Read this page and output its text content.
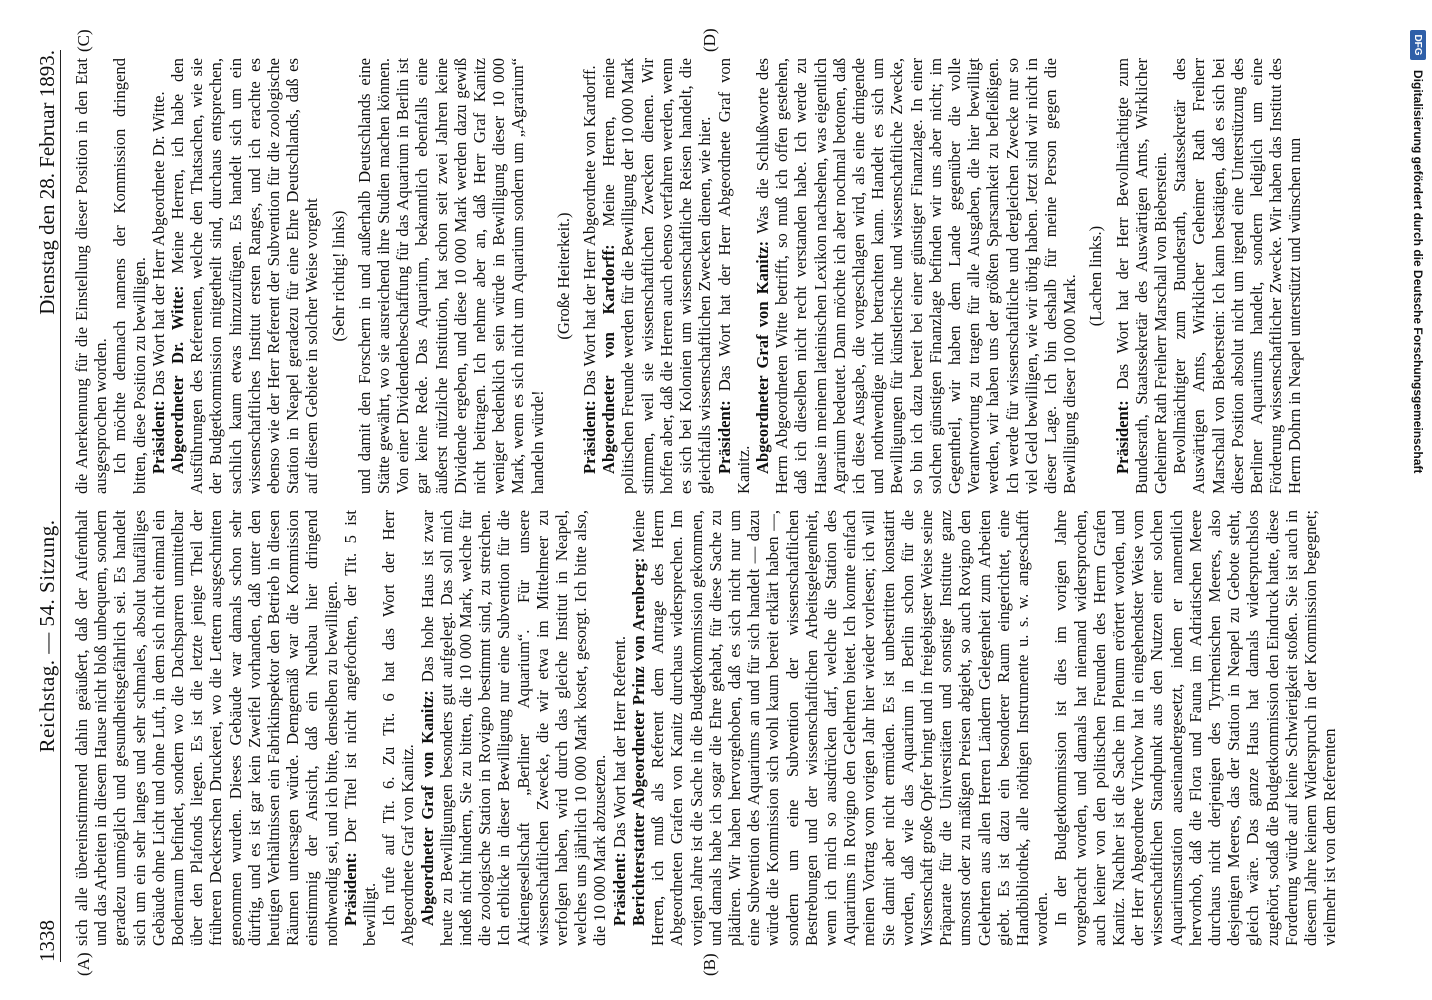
1338
Reichstag. — 54. Sitzung.
Dienstag den 28. Februar 1893.
(A)	(B)
(C)	(D)

sich alle übereinstimmend dahin geäußert, daß der Aufenthalt und das Arbeiten in diesem Hause nicht bloß unbequem, sondern geradezu unmöglich und gesundheitsgefährlich sei. Es handelt sich um ein sehr langes und sehr schmales, absolut baufälliges Gebäude ohne Licht und ohne Luft, in dem sich nicht einmal ein Bodenraum befindet, sondern wo die Dachsparren unmittelbar über den Plafonds liegen. Es ist die letzte jenige Theil der früheren Deckerschen Druckerei, wo die Lettern ausgeschnitten genommen wurden. Dieses Gebäude war damals schon sehr dürftig, und es ist gar kein Zweifel vorhanden, daß unter den heutigen Verhältnissen ein Fabrikinspektor den Betrieb in diesen Räumen untersagen würde. Demgemäß war die Kommission einstimmig der Ansicht, daß ein Neubau hier dringend nothwendig sei, und ich bitte, denselben zu bewilligen. Präsident: Der Titel ist nicht angefochten, der Tit. 5 ist bewilligt. Ich rufe auf Tit. 6. Zu Tit. 6 hat das Wort der Herr Abgeordnete Graf von Kanitz. Abgeordneter Graf von Kanitz: Das hohe Haus ist zwar heute zu Bewilligungen besonders gut aufgelegt. Das soll mich indeß nicht hindern, Sie zu bitten, die 10 000 Mark, welche für die zoologische Station in Rovigno bestimmt sind, zu streichen. Ich erblicke in dieser Bewilligung nur eine Subvention für die Aktiengesellschaft „Berliner Aquarium“. Für unsere wissenschaftlichen Zwecke, die wir etwa im Mittelmeer zu verfolgen haben, wird durch das gleiche Institut in Neapel, welches uns jährlich 10 000 Mark kostet, gesorgt. Ich bitte also, die 10 000 Mark abzusetzen. Präsident: Das Wort hat der Herr Referent. Berichterstatter Abgeordneter Prinz von Arenberg: Meine Herren, ich muß als Referent dem Antrage des Herrn Abgeordneten Grafen von Kanitz durchaus widersprechen. Im vorigen Jahre ist die Sache in die Budgetkommission gekommen, und damals habe ich sogar die Ehre gehabt, für diese Sache zu plädiren. Wir haben hervorgehoben, daß es sich nicht nur um eine Subvention des Aquariums an und für sich handelt — dazu würde die Kommission sich wohl kaum bereit erklärt haben —, sondern um eine Subvention der wissenschaftlichen Bestrebungen und der wissenschaftlichen Arbeitsgelegenheit, wenn ich mich so ausdrücken darf, welche die Station des Aquariums in Rovigno den Gelehrten bietet. Ich konnte einfach meinen Vortrag vom vorigen Jahr hier wieder vorlesen; ich will Sie damit aber nicht ermüden. Es ist unbestritten konstatirt worden, daß wie das Aquarium in Berlin schon für die Wissenschaft große Opfer bringt und in freigebigster Weise seine Präparate für die Universitäten und sonstige Institute ganz umsonst oder zu mäßigen Preisen abgiebt, so auch Rovigno den Gelehrten aus allen Herren Ländern Gelegenheit zum Arbeiten giebt. Es ist dazu ein besonderer Raum eingerichtet, eine Handbibliothek, alle nöthigen Instrumente u. s. w. angeschafft worden. In der Budgetkommission ist dies im vorigen Jahre vorgebracht worden, und damals hat niemand widersprochen, auch keiner von den politischen Freunden des Herrn Grafen Kanitz. Nachher ist die Sache im Plenum erörtert worden, und der Herr Abgeordnete Virchow hat in eingehendster Weise vom wissenschaftlichen Standpunkt aus den Nutzen einer solchen Aquariumsstation auseinandergesetzt, indem er namentlich hervorhob, daß die Flora und Fauna im Adriatischen Meere durchaus nicht derjenigen des Tyrrhenischen Meeres, also desjenigen Meeres, das der Station in Neapel zu Gebote steht, gleich wäre. Das ganze Haus hat damals widerspruchslos zugehört, sodaß die Budgetkommission den Eindruck hatte, diese Forderung würde auf keine Schwierigkeit stoßen. Sie ist auch in diesem Jahre keinem Widerspruch in der Kommission begegnet; vielmehr ist von dem Referenten

die Anerkennung für die Einstellung dieser Position in den Etat ausgesprochen worden. Ich möchte demnach namens der Kommission dringend bitten, diese Position zu bewilligen. Präsident: Das Wort hat der Herr Abgeordnete Dr. Witte. Abgeordneter Dr. Witte: Meine Herren, ich habe den Ausführungen des Referenten, welche den Thatsachen, wie sie der Budgetkommission mitgetheilt sind, durchaus entsprechen, sachlich kaum etwas hinzuzufügen. Es handelt sich um ein wissenschaftliches Institut ersten Ranges, und ich erachte es ebenso wie der Herr Referent der Subvention für die zoologische Station in Neapel geradezu für eine Ehre Deutschlands, daß es auf diesem Gebiete in solcher Weise vorgeht (Sehr richtig! links) und damit den Forschern in und außerhalb Deutschlands eine Stätte gewährt, wo sie ausreichend ihre Studien machen können. Von einer Dividendenbeschaffung für das Aquarium in Berlin ist gar keine Rede. Das Aquarium, bekanntlich ebenfalls eine äußerst nützliche Institution, hat schon seit zwei Jahren keine Dividende ergeben, und diese 10 000 Mark werden dazu gewiß nicht beitragen. Ich nehme aber an, daß Herr Graf Kanitz weniger bedenklich sein würde in Bewilligung dieser 10 000 Mark, wenn es sich nicht um Aquarium sondern um „Agrarium“ handeln würde!

(Große Heiterkeit.)

Präsident: Das Wort hat der Herr Abgeordnete von Kardorff. Abgeordneter von Kardorff: Meine Herren, meine politischen Freunde werden für die Bewilligung der 10 000 Mark stimmen, weil sie wissenschaftlichen Zwecken dienen. Wir hoffen aber, daß die Herren auch ebenso verfahren werden, wenn es sich bei Kolonien um wissenschaftliche Reisen handelt, die gleichfalls wissenschaftlichen Zwecken dienen, wie hier. Präsident: Das Wort hat der Herr Abgeordnete Graf von Kanitz. Abgeordneter Graf von Kanitz: Was die Schlußworte des Herrn Abgeordneten Witte betrifft, so muß ich offen gestehen, daß ich dieselben nicht recht verstanden habe. Ich werde zu Hause in meinem lateinischen Lexikon nachsehen, was eigentlich Agrarium bedeutet. Dann möchte ich aber nochmal betonen, daß ich diese Ausgabe, die vorgeschlagen wird, als eine dringende und nothwendige nicht betrachten kann. Handelt es sich um Bewilligungen für künstlerische und wissenschaftliche Zwecke, so bin ich dazu bereit bei einer günstiger Finanzlage. In einer solchen günstigen Finanzlage befinden wir uns aber nicht; im Gegentheil, wir haben dem Lande gegenüber die volle Verantwortung zu tragen für alle Ausgaben, die hier bewilligt werden, wir haben uns der größten Sparsamkeit zu befleißigen. Ich werde für wissenschaftliche und dergleichen Zwecke nur so viel Geld bewilligen, wie wir übrig haben. Jetzt sind wir nicht in dieser Lage. Ich bin deshalb für meine Person gegen die Bewilligung dieser 10 000 Mark. (Lachen links.)

Präsident: Das Wort hat der Herr Bevollmächtigte zum Bundesrath, Staatssekretär des Auswärtigen Amts, Wirklicher Geheimer Rath Freiherr Marschall von Bieberstein. Bevollmächtigter zum Bundesrath, Staatssekretär des Auswärtigen Amts, Wirklicher Geheimer Rath Freiherr Marschall von Bieberstein: Ich kann bestätigen, daß es sich bei dieser Position absolut nicht um irgend eine Unterstützung des Berliner Aquariums handelt, sondern lediglich um eine Förderung wissenschaftlicher Zwecke. Wir haben das Institut des Herrn Dohrn in Neapel unterstützt und wünschen nun

DFG
Digitalisierung gefördert durch die Deutsche Forschungsgemeinschaft
